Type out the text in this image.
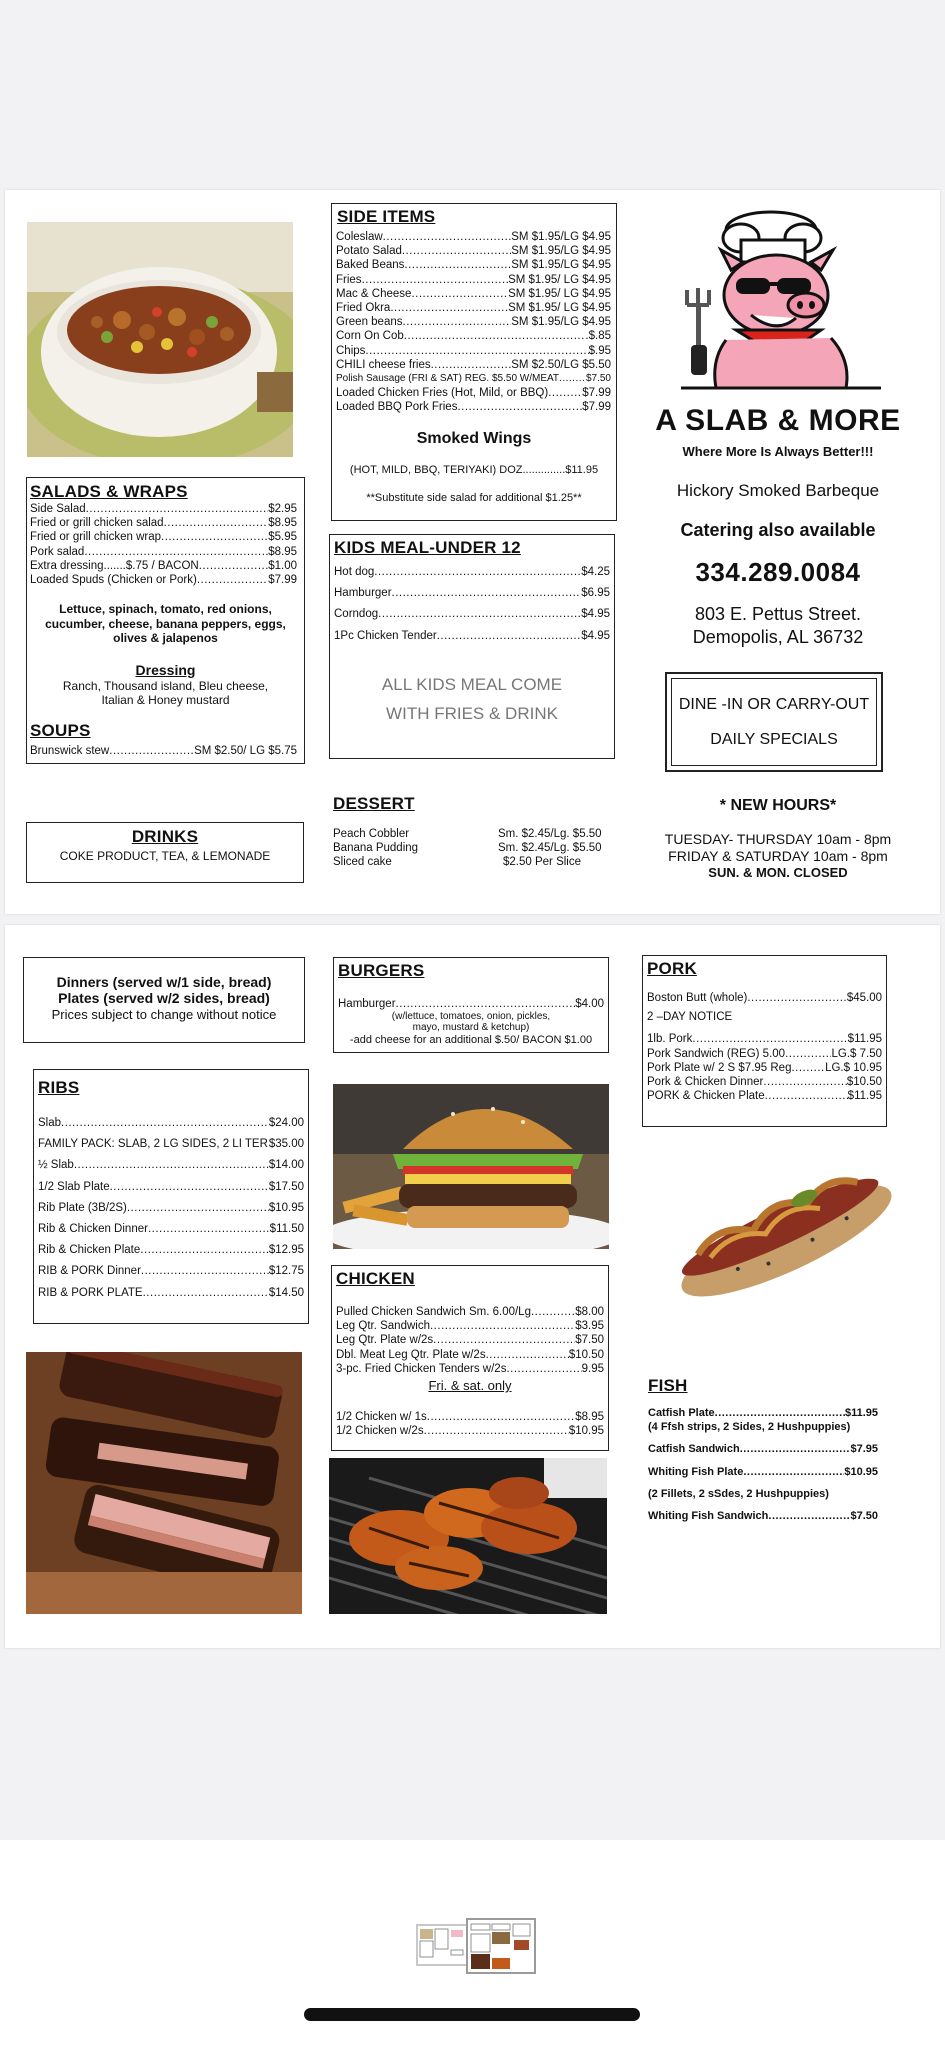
SIDE ITEMS
Coleslaw .....	SM $1.95/LG $4.95
Potato Salad .....	SM $1.95/LG $4.95
Baked Beans .....	SM $1.95/LG $4.95
Fries .....	SM $1.95/ LG $4.95
Mac & Cheese .....	SM $1.95/ LG $4.95
Fried Okra .....	SM $1.95/ LG $4.95
Green beans .....	SM $1.95/LG $4.95
Corn On Cob .....	.$.85
Chips .....	$.95
CHILI cheese fries .....	SM $2.50/LG $5.50
Polish Sausage (FRI & SAT) REG. $5.50 W/MEAT .....	$7.50
Loaded Chicken Fries (Hot, Mild, or BBQ) .....	$7.99
Loaded BBQ Pork Fries .....	$7.99
Smoked Wings
(HOT, MILD, BBQ, TERIYAKI) DOZ..............$11.95
**Substitute side salad for additional $1.25**
A SLAB & MORE
Where More Is Always Better!!!
Hickory Smoked Barbeque
Catering also available
334.289.0084
803 E. Pettus Street.
Demopolis, AL 36732
DINE -IN OR CARRY-OUT
DAILY SPECIALS
* NEW HOURS*
TUESDAY- THURSDAY 10am - 8pm
FRIDAY & SATURDAY 10am - 8pm
SUN. & MON. CLOSED
SALADS & WRAPS
Side Salad .....	$2.95
Fried or grill chicken salad .....	$8.95
Fried or grill chicken wrap .....	$5.95
Pork salad .....	$8.95
Extra dressing.......$.75 / BACON .....	$1.00
Loaded Spuds (Chicken or Pork) .....	$7.99
Lettuce, spinach, tomato, red onions, cucumber, cheese, banana peppers, eggs, olives & jalapenos
Dressing
Ranch, Thousand island, Bleu cheese, Italian & Honey mustard
SOUPS
Brunswick stew .....	SM $2.50/ LG $5.75
KIDS MEAL-UNDER 12
Hot dog .....	$4.25
Hamburger .....	$6.95
Corndog .....	$4.95
1Pc Chicken Tender .....	$4.95
ALL KIDS MEAL COME
WITH FRIES & DRINK
DESSERT
Peach Cobbler	Sm. $2.45/Lg. $5.50
Banana Pudding	Sm. $2.45/Lg. $5.50
Sliced cake	$2.50 Per Slice
DRINKS
COKE PRODUCT, TEA, & LEMONADE
Dinners (served w/1 side, bread)
Plates (served w/2 sides, bread)
Prices subject to change without notice
BURGERS
Hamburger .....	$4.00
(w/lettuce, tomatoes, onion, pickles,
mayo, mustard & ketchup)
-add cheese for an additional $.50/ BACON $1.00
PORK
Boston Butt (whole) .....	$45.00
2 –DAY NOTICE
1lb. Pork .....	$11.95
Pork Sandwich (REG) 5.00 .....	LG.$ 7.50
Pork Plate w/ 2 S $7.95 Reg .....	LG.$ 10.95
Pork & Chicken Dinner .....	$10.50
PORK & Chicken Plate .....	$11.95
RIBS
Slab .....	$24.00
FAMILY PACK: SLAB, 2 LG SIDES, 2 LI TER ..... $35.00
½ Slab .....	$14.00
1/2 Slab Plate .....	$17.50
Rib Plate (3B/2S) .....	$10.95
Rib & Chicken Dinner .....	$11.50
Rib & Chicken Plate .....	$12.95
RIB & PORK Dinner .....	$12.75
RIB & PORK PLATE .....	$14.50
CHICKEN
Pulled Chicken Sandwich Sm. 6.00/Lg .....	$8.00
Leg Qtr. Sandwich .....	$3.95
Leg Qtr. Plate w/2s .....	$7.50
Dbl. Meat Leg Qtr. Plate w/2s .....	$10.50
3-pc. Fried Chicken Tenders w/2s .....	9.95
Fri. & sat. only
1/2 Chicken w/ 1s .....	$8.95
1/2 Chicken w/2s .....	$10.95
FISH
Catfish Plate .....	$11.95
(4 Ffsh strips, 2 Sides, 2 Hushpuppies)
Catfish Sandwich .....	$7.95
Whiting Fish Plate .....	$10.95
(2 Fillets, 2 sSdes, 2 Hushpuppies)
Whiting Fish Sandwich .....	$7.50
